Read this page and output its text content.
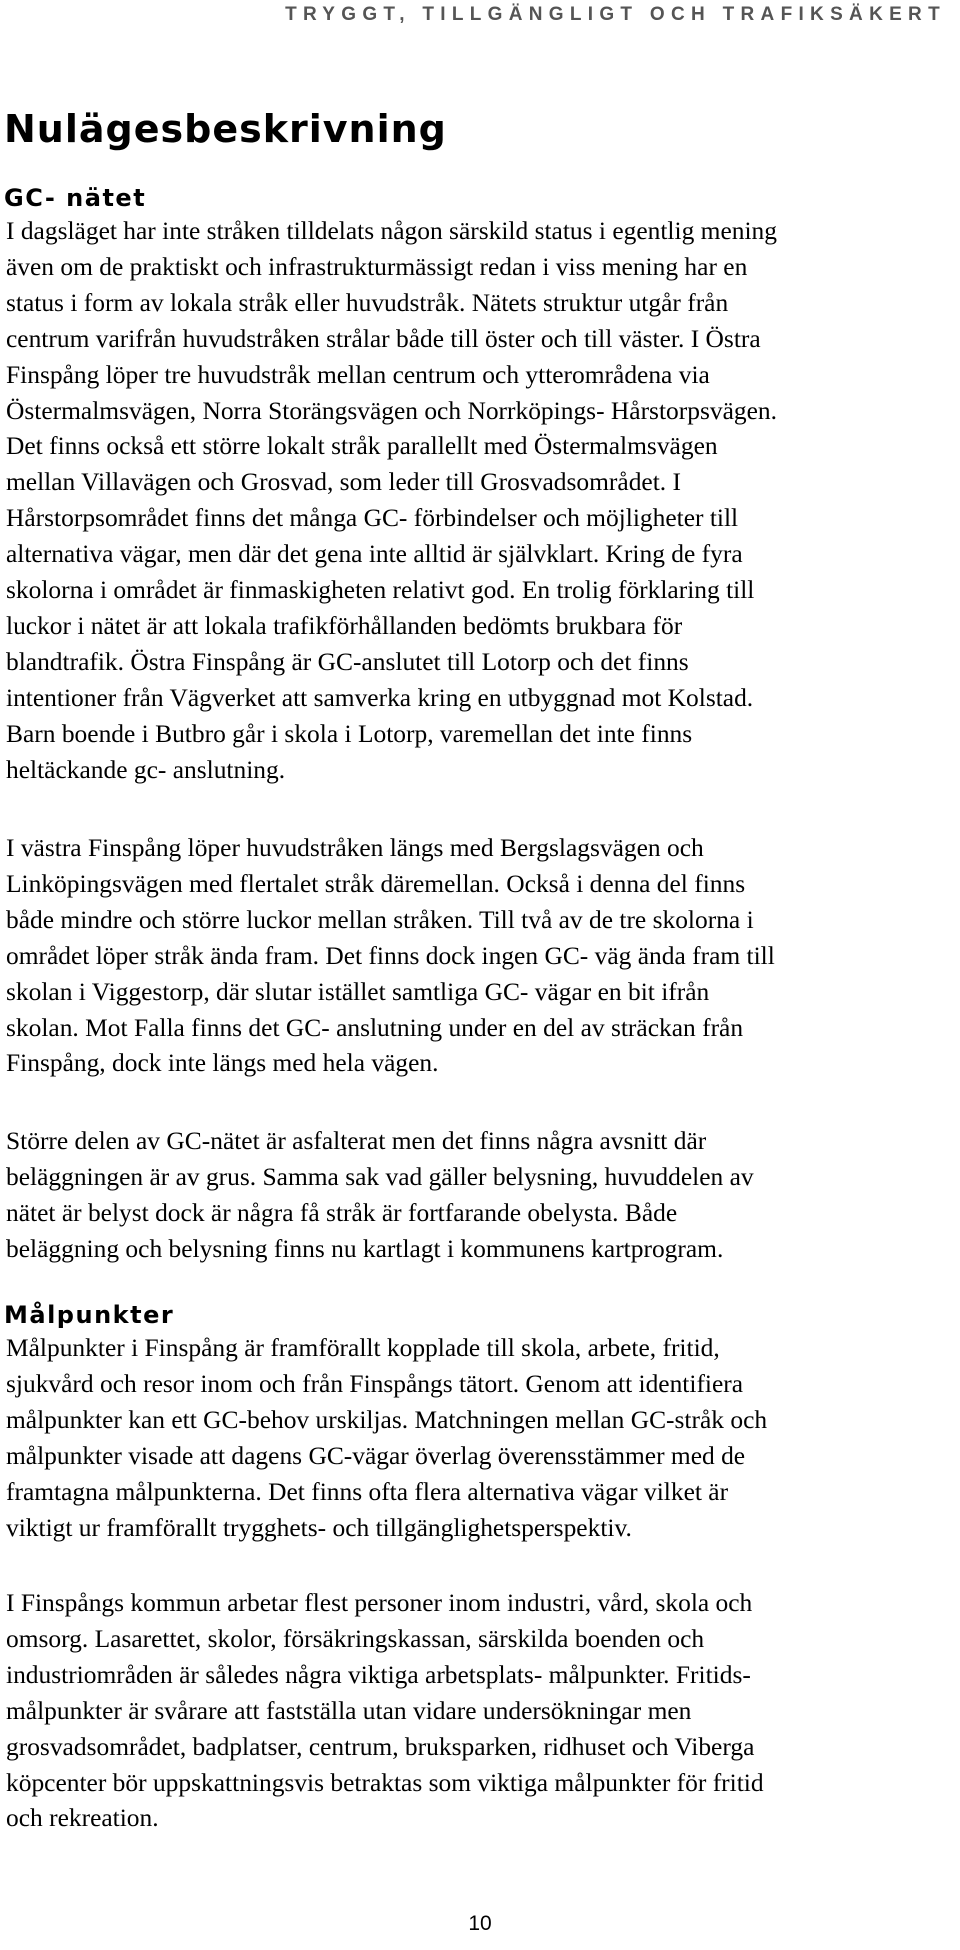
TRYGGT, TILLGÄNGLIGT OCH TRAFIKSÄKERT
Nulägesbeskrivning
GC- nätet

I dagsläget har inte stråken tilldelats någon särskild status i egentlig mening
även om de praktiskt och infrastrukturmässigt redan i viss mening har en
status i form av lokala stråk eller huvudstråk. Nätets struktur utgår från
centrum varifrån huvudstråken strålar både till öster och till väster. I Östra
Finspång löper tre huvudstråk mellan centrum och ytterområdena via
Östermalmsvägen, Norra Storängsvägen och Norrköpings- Hårstorpsvägen.
Det finns också ett större lokalt stråk parallellt med Östermalmsvägen
mellan Villavägen och Grosvad, som leder till Grosvadsområdet. I
Hårstorpsområdet finns det många GC- förbindelser och möjligheter till
alternativa vägar, men där det gena inte alltid är självklart. Kring de fyra
skolorna i området är finmaskigheten relativt god. En trolig förklaring till
luckor i nätet är att lokala trafikförhållanden bedömts brukbara för
blandtrafik. Östra Finspång är GC-anslutet till Lotorp och det finns
intentioner från Vägverket att samverka kring en utbyggnad mot Kolstad.
Barn boende i Butbro går i skola i Lotorp, varemellan det inte finns
heltäckande gc- anslutning.

I västra Finspång löper huvudstråken längs med Bergslagsvägen och
Linköpingsvägen med flertalet stråk däremellan. Också i denna del finns
både mindre och större luckor mellan stråken. Till två av de tre skolorna i
området löper stråk ända fram. Det finns dock ingen GC- väg ända fram till
skolan i Viggestorp, där slutar istället samtliga GC- vägar en bit ifrån
skolan. Mot Falla finns det GC- anslutning under en del av sträckan från
Finspång, dock inte längs med hela vägen.

Större delen av GC-nätet är asfalterat men det finns några avsnitt där
beläggningen är av grus. Samma sak vad gäller belysning, huvuddelen av
nätet är belyst dock är några få stråk är fortfarande obelysta. Både
beläggning och belysning finns nu kartlagt i kommunens kartprogram.

Målpunkter

Målpunkter i Finspång är framförallt kopplade till skola, arbete, fritid,
sjukvård och resor inom och från Finspångs tätort. Genom att identifiera
målpunkter kan ett GC-behov urskiljas. Matchningen mellan GC-stråk och
målpunkter visade att dagens GC-vägar överlag överensstämmer med de
framtagna målpunkterna. Det finns ofta flera alternativa vägar vilket är
viktigt ur framförallt trygghets- och tillgänglighetsperspektiv.

I Finspångs kommun arbetar flest personer inom industri, vård, skola och
omsorg. Lasarettet, skolor, försäkringskassan, särskilda boenden och
industriområden är således några viktiga arbetsplats- målpunkter. Fritids-
målpunkter är svårare att fastställa utan vidare undersökningar men
grosvadsområdet, badplatser, centrum, bruksparken, ridhuset och Viberga
köpcenter bör uppskattningsvis betraktas som viktiga målpunkter för fritid
och rekreation.

10
